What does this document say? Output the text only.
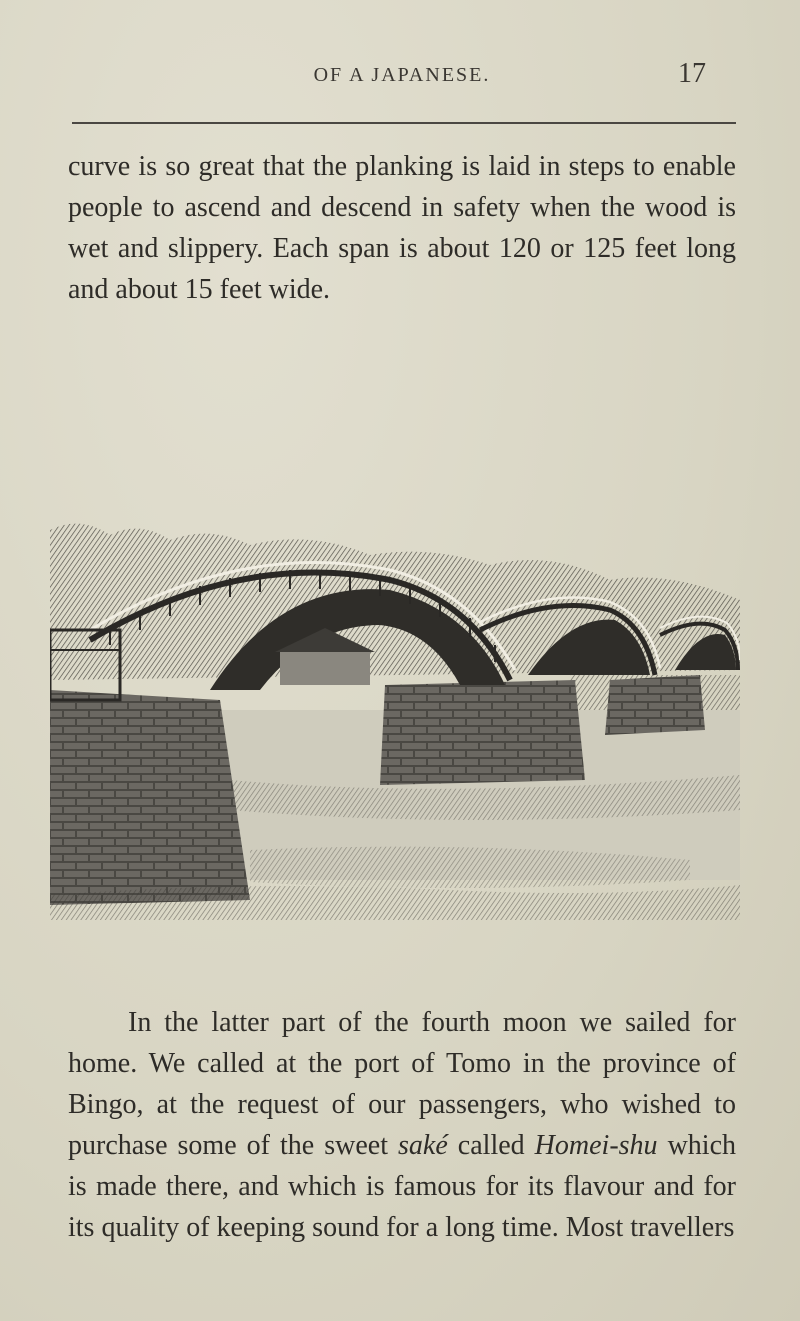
OF A JAPANESE.	17

curve is so great that the planking is laid in steps to enable people to ascend and descend in safety when the wood is wet and slippery. Each span is about 120 or 125 feet long and about 15 feet wide.

In the latter part of the fourth moon we sailed for home. We called at the port of Tomo in the province of Bingo, at the request of our passengers, who wished to purchase some of the sweet saké called Homei-shu which is made there, and which is famous for its flavour and for its quality of keeping sound for a long time. Most travellers
